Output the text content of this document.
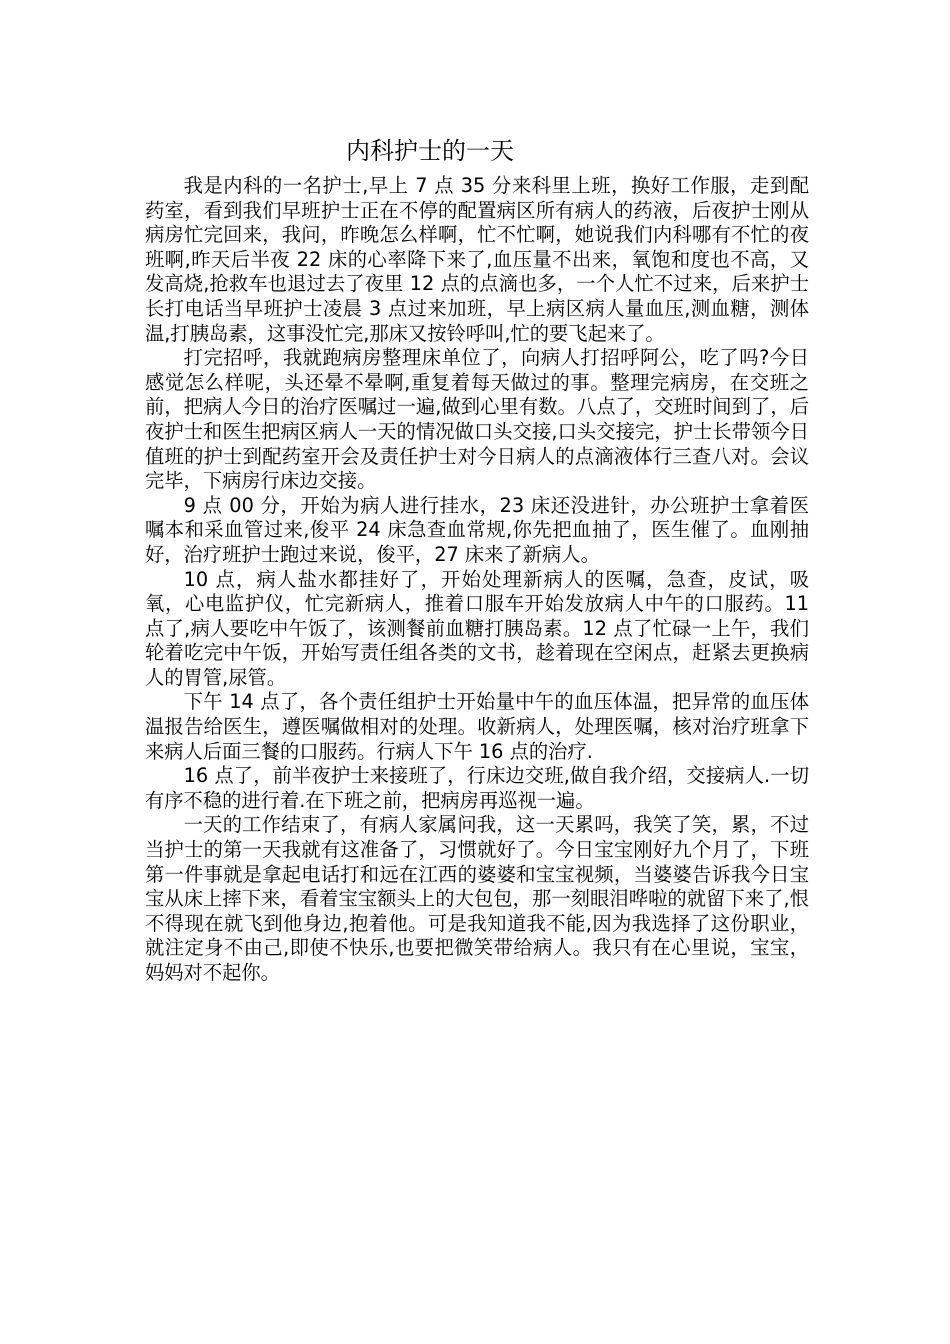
内科护士的一天

我是内科的一名护士,早上 7 点 35 分来科里上班，换好工作服，走到配药室，看到我们早班护士正在不停的配置病区所有病人的药液，后夜护士刚从病房忙完回来，我问，昨晚怎么样啊，忙不忙啊，她说我们内科哪有不忙的夜班啊,昨天后半夜 22 床的心率降下来了,血压量不出来，氧饱和度也不高，又发高烧,抢救车也退过去了夜里 12 点的点滴也多，一个人忙不过来，后来护士长打电话当早班护士凌晨 3 点过来加班，早上病区病人量血压,测血糖，测体温,打胰岛素，这事没忙完,那床又按铃呼叫,忙的要飞起来了。

打完招呼，我就跑病房整理床单位了，向病人打招呼阿公，吃了吗?今日感觉怎么样呢，头还晕不晕啊,重复着每天做过的事。整理完病房，在交班之前，把病人今日的治疗医嘱过一遍,做到心里有数。八点了，交班时间到了，后夜护士和医生把病区病人一天的情况做口头交接,口头交接完，护士长带领今日值班的护士到配药室开会及责任护士对今日病人的点滴液体行三查八对。会议完毕，下病房行床边交接。

9 点 00 分，开始为病人进行挂水，23 床还没进针，办公班护士拿着医嘱本和采血管过来,俊平 24 床急查血常规,你先把血抽了，医生催了。血刚抽好，治疗班护士跑过来说，俊平，27 床来了新病人。

10 点，病人盐水都挂好了，开始处理新病人的医嘱，急查，皮试，吸氧，心电监护仪，忙完新病人，推着口服车开始发放病人中午的口服药。11 点了,病人要吃中午饭了，该测餐前血糖打胰岛素。12 点了忙碌一上午，我们轮着吃完中午饭，开始写责任组各类的文书，趁着现在空闲点，赶紧去更换病人的胃管,尿管。

下午 14 点了，各个责任组护士开始量中午的血压体温，把异常的血压体温报告给医生，遵医嘱做相对的处理。收新病人，处理医嘱，核对治疗班拿下来病人后面三餐的口服药。行病人下午 16 点的治疗.

16 点了，前半夜护士来接班了，行床边交班,做自我介绍，交接病人.一切有序不稳的进行着.在下班之前，把病房再巡视一遍。

一天的工作结束了，有病人家属问我，这一天累吗，我笑了笑，累，不过当护士的第一天我就有这准备了，习惯就好了。今日宝宝刚好九个月了，下班第一件事就是拿起电话打和远在江西的婆婆和宝宝视频，当婆婆告诉我今日宝宝从床上摔下来，看着宝宝额头上的大包包，那一刻眼泪哗啦的就留下来了,恨不得现在就飞到他身边,抱着他。可是我知道我不能,因为我选择了这份职业，就注定身不由己,即使不快乐,也要把微笑带给病人。我只有在心里说，宝宝，妈妈对不起你。
